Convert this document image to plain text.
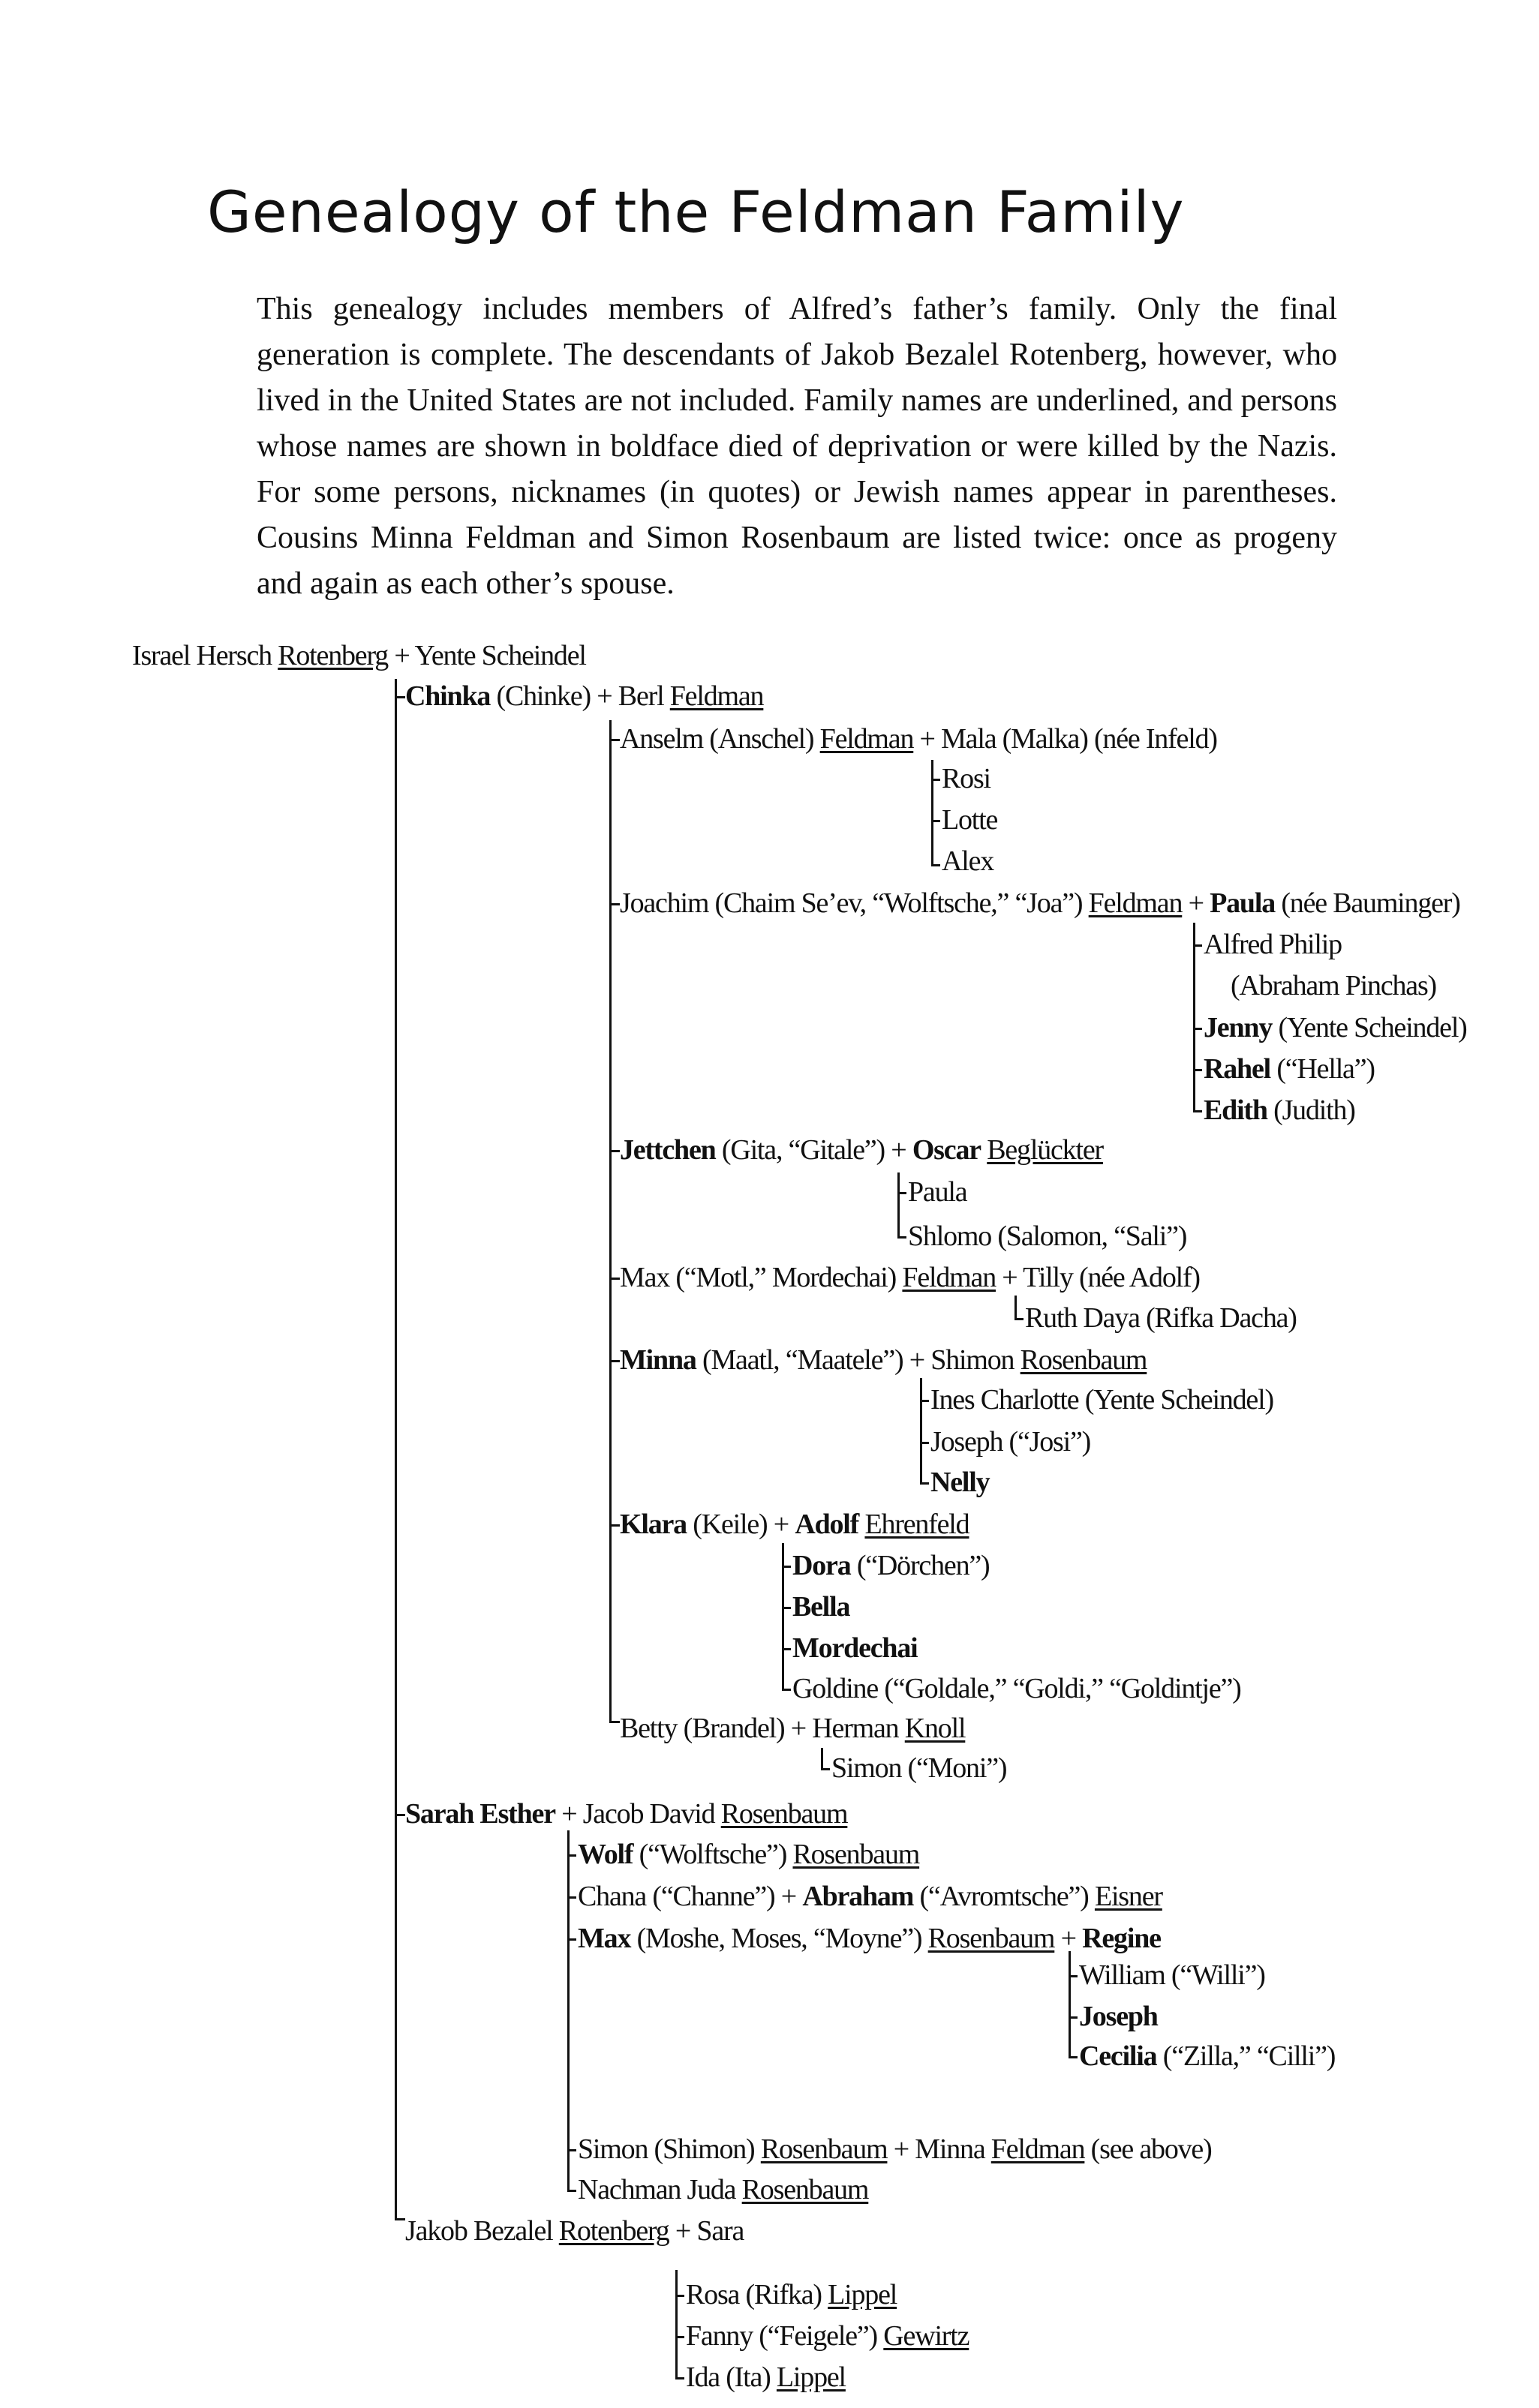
Genealogy of the Feldman Family
This genealogy includes members of Alfred’s father’s family. Only the final generation is complete. The descendants of Jakob Bezalel Rotenberg, however, who lived in the United States are not included. Family names are underlined, and persons whose names are shown in boldface died of deprivation or were killed by the Nazis. For some persons, nicknames (in quotes) or Jewish names appear in parentheses. Cousins Minna Feldman and Simon Rosenbaum are listed twice: once as progeny and again as each other’s spouse.
Israel Hersch Rotenberg + Yente Scheindel
Chinka (Chinke) + Berl Feldman
Anselm (Anschel) Feldman + Mala (Malka) (née Infeld)
Rosi
Lotte
Alex
Joachim (Chaim Se’ev, “Wolftsche,” “Joa”) Feldman + Paula (née Bauminger)
Alfred Philip
(Abraham Pinchas)
Jenny (Yente Scheindel)
Rahel (“Hella”)
Edith (Judith)
Jettchen (Gita, “Gitale”) + Oscar Beglückter
Paula
Shlomo (Salomon, “Sali”)
Max (“Motl,” Mordechai) Feldman + Tilly (née Adolf)
Ruth Daya (Rifka Dacha)
Minna (Maatl, “Maatele”) + Shimon Rosenbaum
Ines Charlotte (Yente Scheindel)
Joseph (“Josi”)
Nelly
Klara (Keile) + Adolf Ehrenfeld
Dora (“Dörchen”)
Bella
Mordechai
Goldine (“Goldale,” “Goldi,” “Goldintje”)
Betty (Brandel) + Herman Knoll
Simon (“Moni”)
Sarah Esther + Jacob David Rosenbaum
Wolf (“Wolftsche”) Rosenbaum
Chana (“Channe”) + Abraham (“Avromtsche”) Eisner
Max (Moshe, Moses, “Moyne”) Rosenbaum + Regine
William (“Willi”)
Joseph
Cecilia (“Zilla,” “Cilli”)
Simon (Shimon) Rosenbaum + Minna Feldman (see above)
Nachman Juda Rosenbaum
Jakob Bezalel Rotenberg + Sara
Rosa (Rifka) Lippel
Fanny (“Feigele”) Gewirtz
Ida (Ita) Lippel
